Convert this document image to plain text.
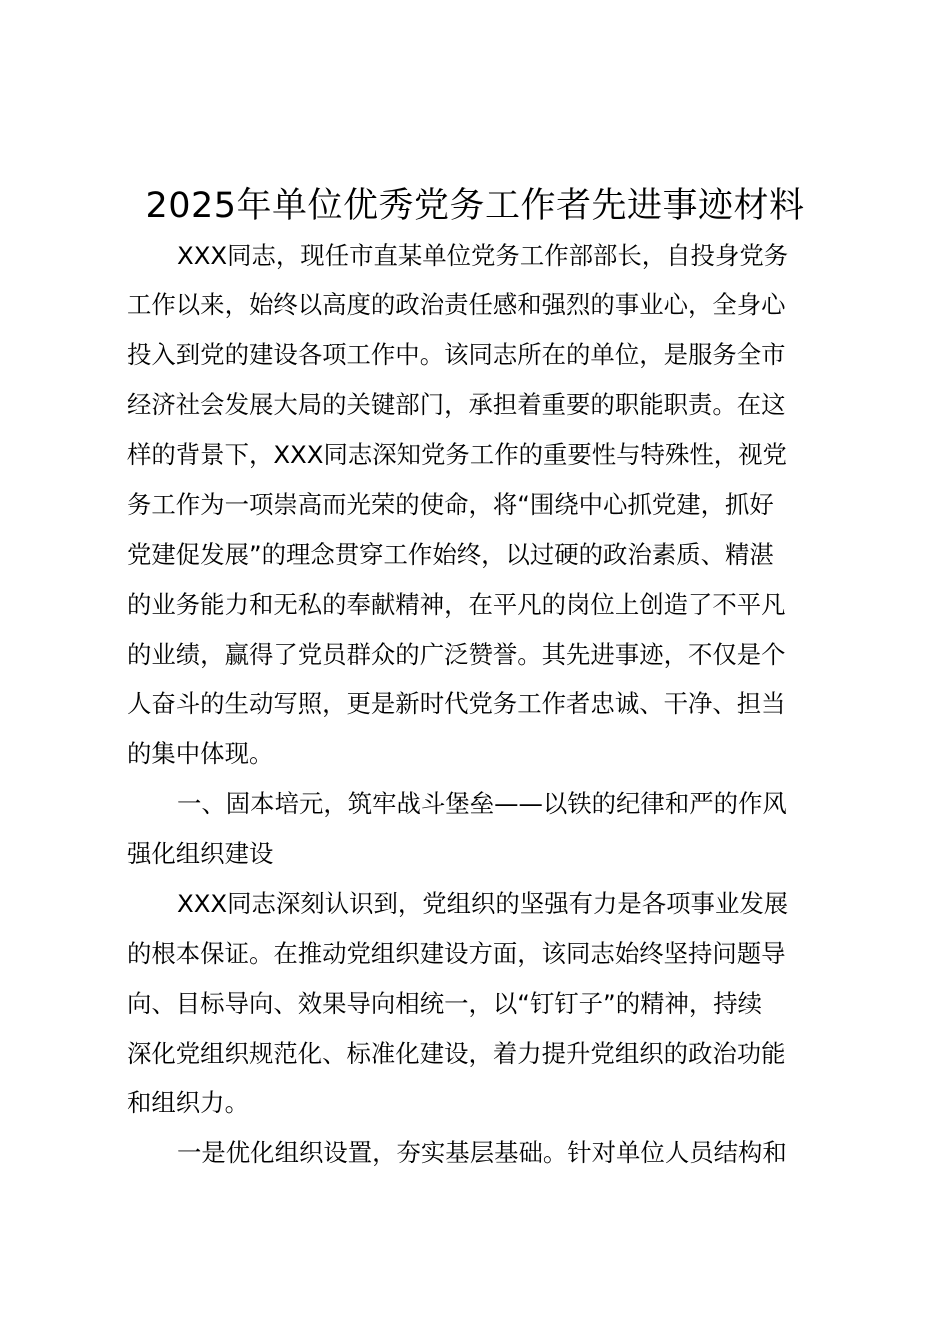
2025年单位优秀党务工作者先进事迹材料
XXX同志，现任市直某单位党务工作部部长，自投身党务
工作以来，始终以高度的政治责任感和强烈的事业心，全身心
投入到党的建设各项工作中。该同志所在的单位，是服务全市
经济社会发展大局的关键部门，承担着重要的职能职责。在这
样的背景下，XXX同志深知党务工作的重要性与特殊性，视党
务工作为一项崇高而光荣的使命，将“围绕中心抓党建，抓好
党建促发展”的理念贯穿工作始终，以过硬的政治素质、精湛
的业务能力和无私的奉献精神，在平凡的岗位上创造了不平凡
的业绩，赢得了党员群众的广泛赞誉。其先进事迹，不仅是个
人奋斗的生动写照，更是新时代党务工作者忠诚、干净、担当
的集中体现。
一、固本培元，筑牢战斗堡垒——以铁的纪律和严的作风
强化组织建设
XXX同志深刻认识到，党组织的坚强有力是各项事业发展
的根本保证。在推动党组织建设方面，该同志始终坚持问题导
向、目标导向、效果导向相统一，以“钉钉子”的精神，持续
深化党组织规范化、标准化建设，着力提升党组织的政治功能
和组织力。
一是优化组织设置，夯实基层基础。针对单位人员结构和
